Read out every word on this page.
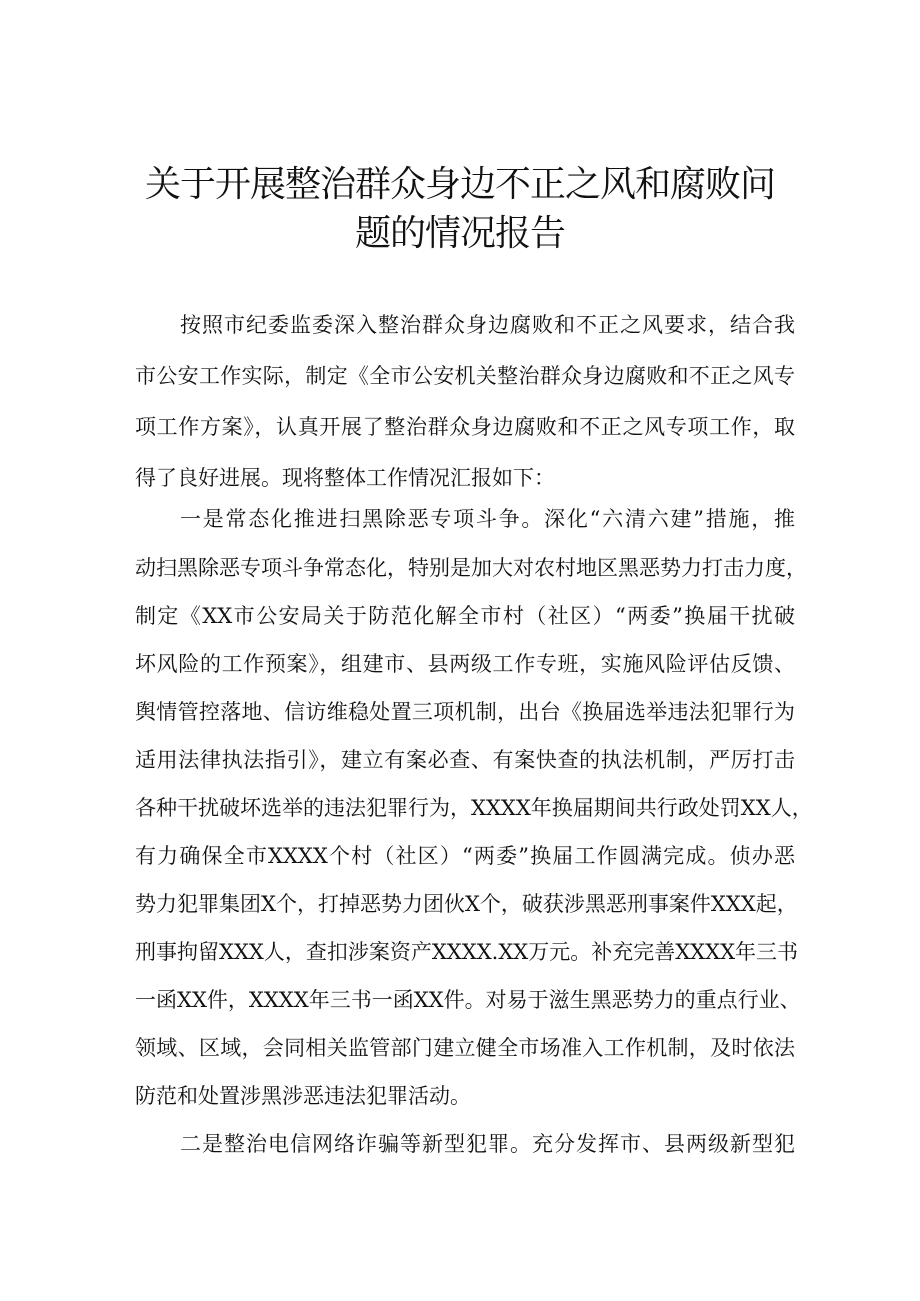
关于开展整治群众身边不正之风和腐败问
题的情况报告
按照市纪委监委深入整治群众身边腐败和不正之风要求，结合我
市公安工作实际，制定《全市公安机关整治群众身边腐败和不正之风专
项工作方案》，认真开展了整治群众身边腐败和不正之风专项工作，取
得了良好进展。现将整体工作情况汇报如下：
一是常态化推进扫黑除恶专项斗争。深化“六清六建”措施，推
动扫黑除恶专项斗争常态化，特别是加大对农村地区黑恶势力打击力度，
制定《XX市公安局关于防范化解全市村（社区）“两委”换届干扰破
坏风险的工作预案》，组建市、县两级工作专班，实施风险评估反馈、
舆情管控落地、信访维稳处置三项机制，出台《换届选举违法犯罪行为
适用法律执法指引》，建立有案必查、有案快查的执法机制，严厉打击
各种干扰破坏选举的违法犯罪行为，XXXX年换届期间共行政处罚XX人，
有力确保全市XXXX个村（社区）“两委”换届工作圆满完成。侦办恶
势力犯罪集团X个，打掉恶势力团伙X个，破获涉黑恶刑事案件XXX起，
刑事拘留XXX人，查扣涉案资产XXXX.XX万元。补充完善XXXX年三书
一函XX件，XXXX年三书一函XX件。对易于滋生黑恶势力的重点行业、
领域、区域，会同相关监管部门建立健全市场准入工作机制，及时依法
防范和处置涉黑涉恶违法犯罪活动。
二是整治电信网络诈骗等新型犯罪。充分发挥市、县两级新型犯
